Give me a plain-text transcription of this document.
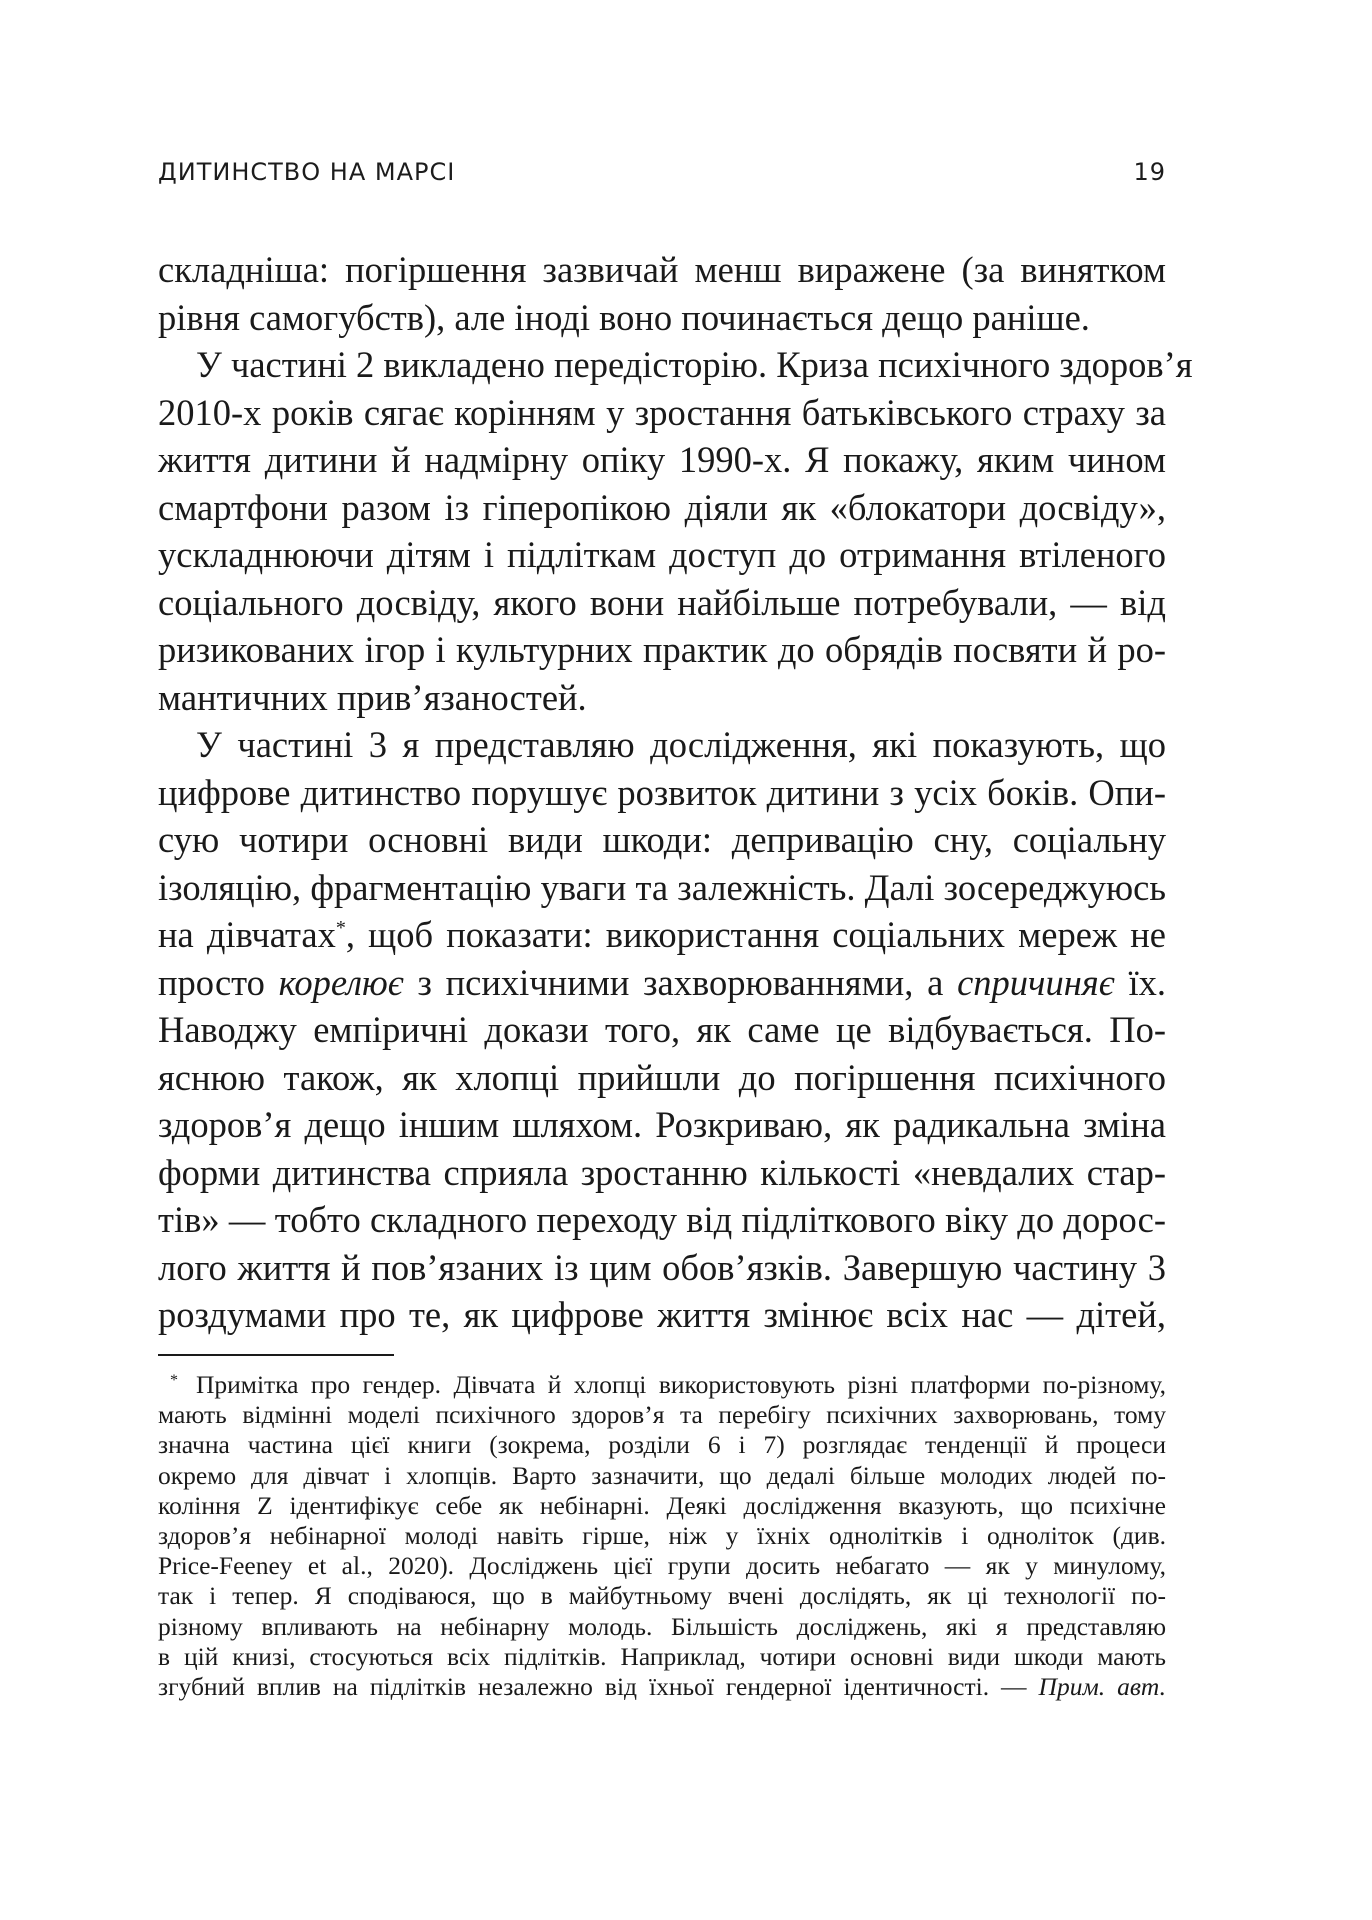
ДИТИНСТВО НА МАРСІ	19
складніша: погіршення зазвичай менш виражене (за винятком
рівня самогубств), але іноді воно починається дещо раніше.
У частині 2 викладено передісторію. Криза психічного здоров’я
2010-х років сягає корінням у зростання батьківського страху за
життя дитини й надмірну опіку 1990-х. Я покажу, яким чином
смартфони разом із гіперопікою діяли як «блокатори досвіду»,
ускладнюючи дітям і підліткам доступ до отримання втіленого
соціального досвіду, якого вони найбільше потребували, — від
ризикованих ігор і культурних практик до обрядів посвяти й ро-
мантичних прив’язаностей.
У частині 3 я представляю дослідження, які показують, що
цифрове дитинство порушує розвиток дитини з усіх боків. Опи-
сую чотири основні види шкоди: депривацію сну, соціальну
ізоляцію, фрагментацію уваги та залежність. Далі зосереджуюсь
на дівчатах*, щоб показати: використання соціальних мереж не
просто корелює з психічними захворюваннями, а спричиняє їх.
Наводжу емпіричні докази того, як саме це відбувається. По-
яснюю також, як хлопці прийшли до погіршення психічного
здоров’я дещо іншим шляхом. Розкриваю, як радикальна зміна
форми дитинства сприяла зростанню кількості «невдалих стар-
тів» — тобто складного переходу від підліткового віку до дорос-
лого життя й пов’язаних із цим обов’язків. Завершую частину 3
роздумами про те, як цифрове життя змінює всіх нас — дітей,
* Примітка про гендер. Дівчата й хлопці використовують різні платформи по-різному,
мають відмінні моделі психічного здоров’я та перебігу психічних захворювань, тому
значна частина цієї книги (зокрема, розділи 6 і 7) розглядає тенденції й процеси
окремо для дівчат і хлопців. Варто зазначити, що дедалі більше молодих людей по-
коління Z ідентифікує себе як небінарні. Деякі дослідження вказують, що психічне
здоров’я небінарної молоді навіть гірше, ніж у їхніх однолітків і одноліток (див.
Price-Feeney et al., 2020). Досліджень цієї групи досить небагато — як у минулому,
так і тепер. Я сподіваюся, що в майбутньому вчені дослідять, як ці технології по-
різному впливають на небінарну молодь. Більшість досліджень, які я представляю
в цій книзі, стосуються всіх підлітків. Наприклад, чотири основні види шкоди мають
згубний вплив на підлітків незалежно від їхньої гендерної ідентичності. — Прим. авт.
